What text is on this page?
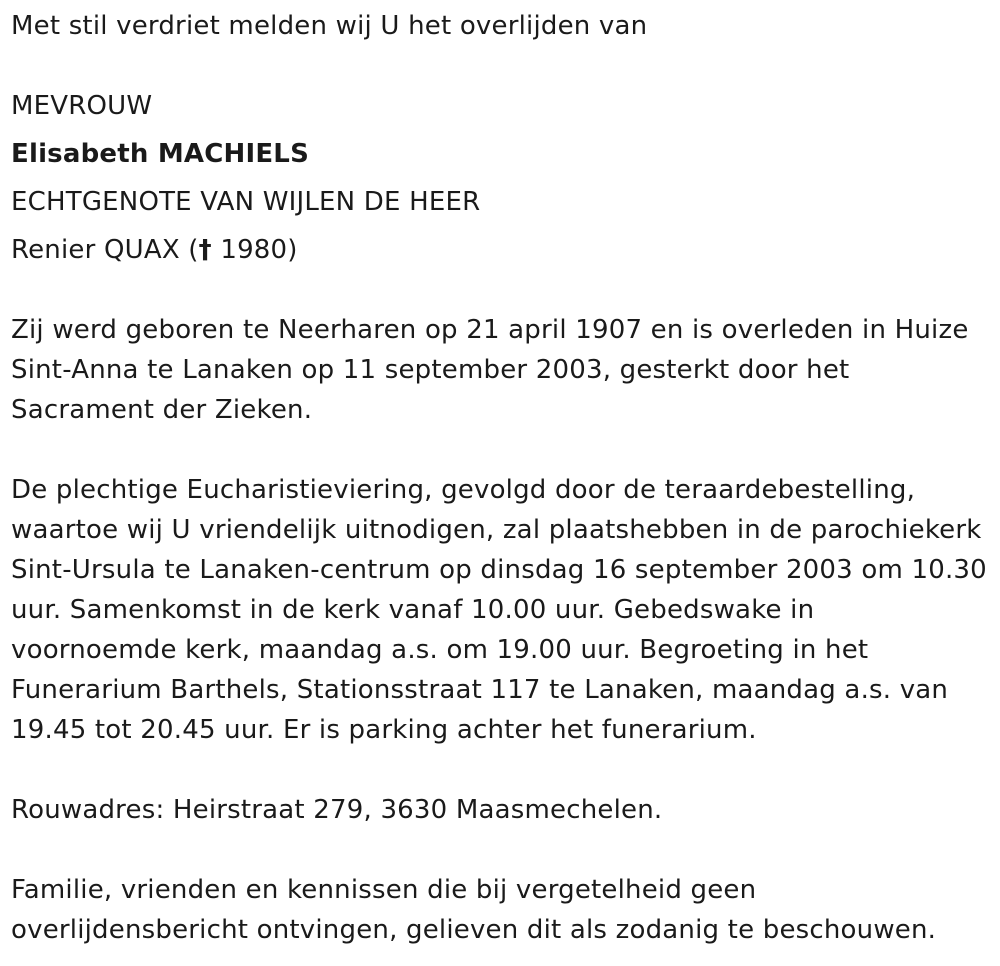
Met stil verdriet melden wij U het overlijden van
MEVROUW
Elisabeth MACHIELS
ECHTGENOTE VAN WIJLEN DE HEER
Renier QUAX († 1980)
Zij werd geboren te Neerharen op 21 april 1907 en is overleden in Huize
Sint-Anna te Lanaken op 11 september 2003, gesterkt door het
Sacrament der Zieken.
De plechtige Eucharistieviering, gevolgd door de teraardebestelling,
waartoe wij U vriendelijk uitnodigen, zal plaatshebben in de parochiekerk
Sint-Ursula te Lanaken-centrum op dinsdag 16 september 2003 om 10.30
uur. Samenkomst in de kerk vanaf 10.00 uur. Gebedswake in
voornoemde kerk, maandag a.s. om 19.00 uur. Begroeting in het
Funerarium Barthels, Stationsstraat 117 te Lanaken, maandag a.s. van
19.45 tot 20.45 uur. Er is parking achter het funerarium.
Rouwadres: Heirstraat 279, 3630 Maasmechelen.
Familie, vrienden en kennissen die bij vergetelheid geen
overlijdensbericht ontvingen, gelieven dit als zodanig te beschouwen.
